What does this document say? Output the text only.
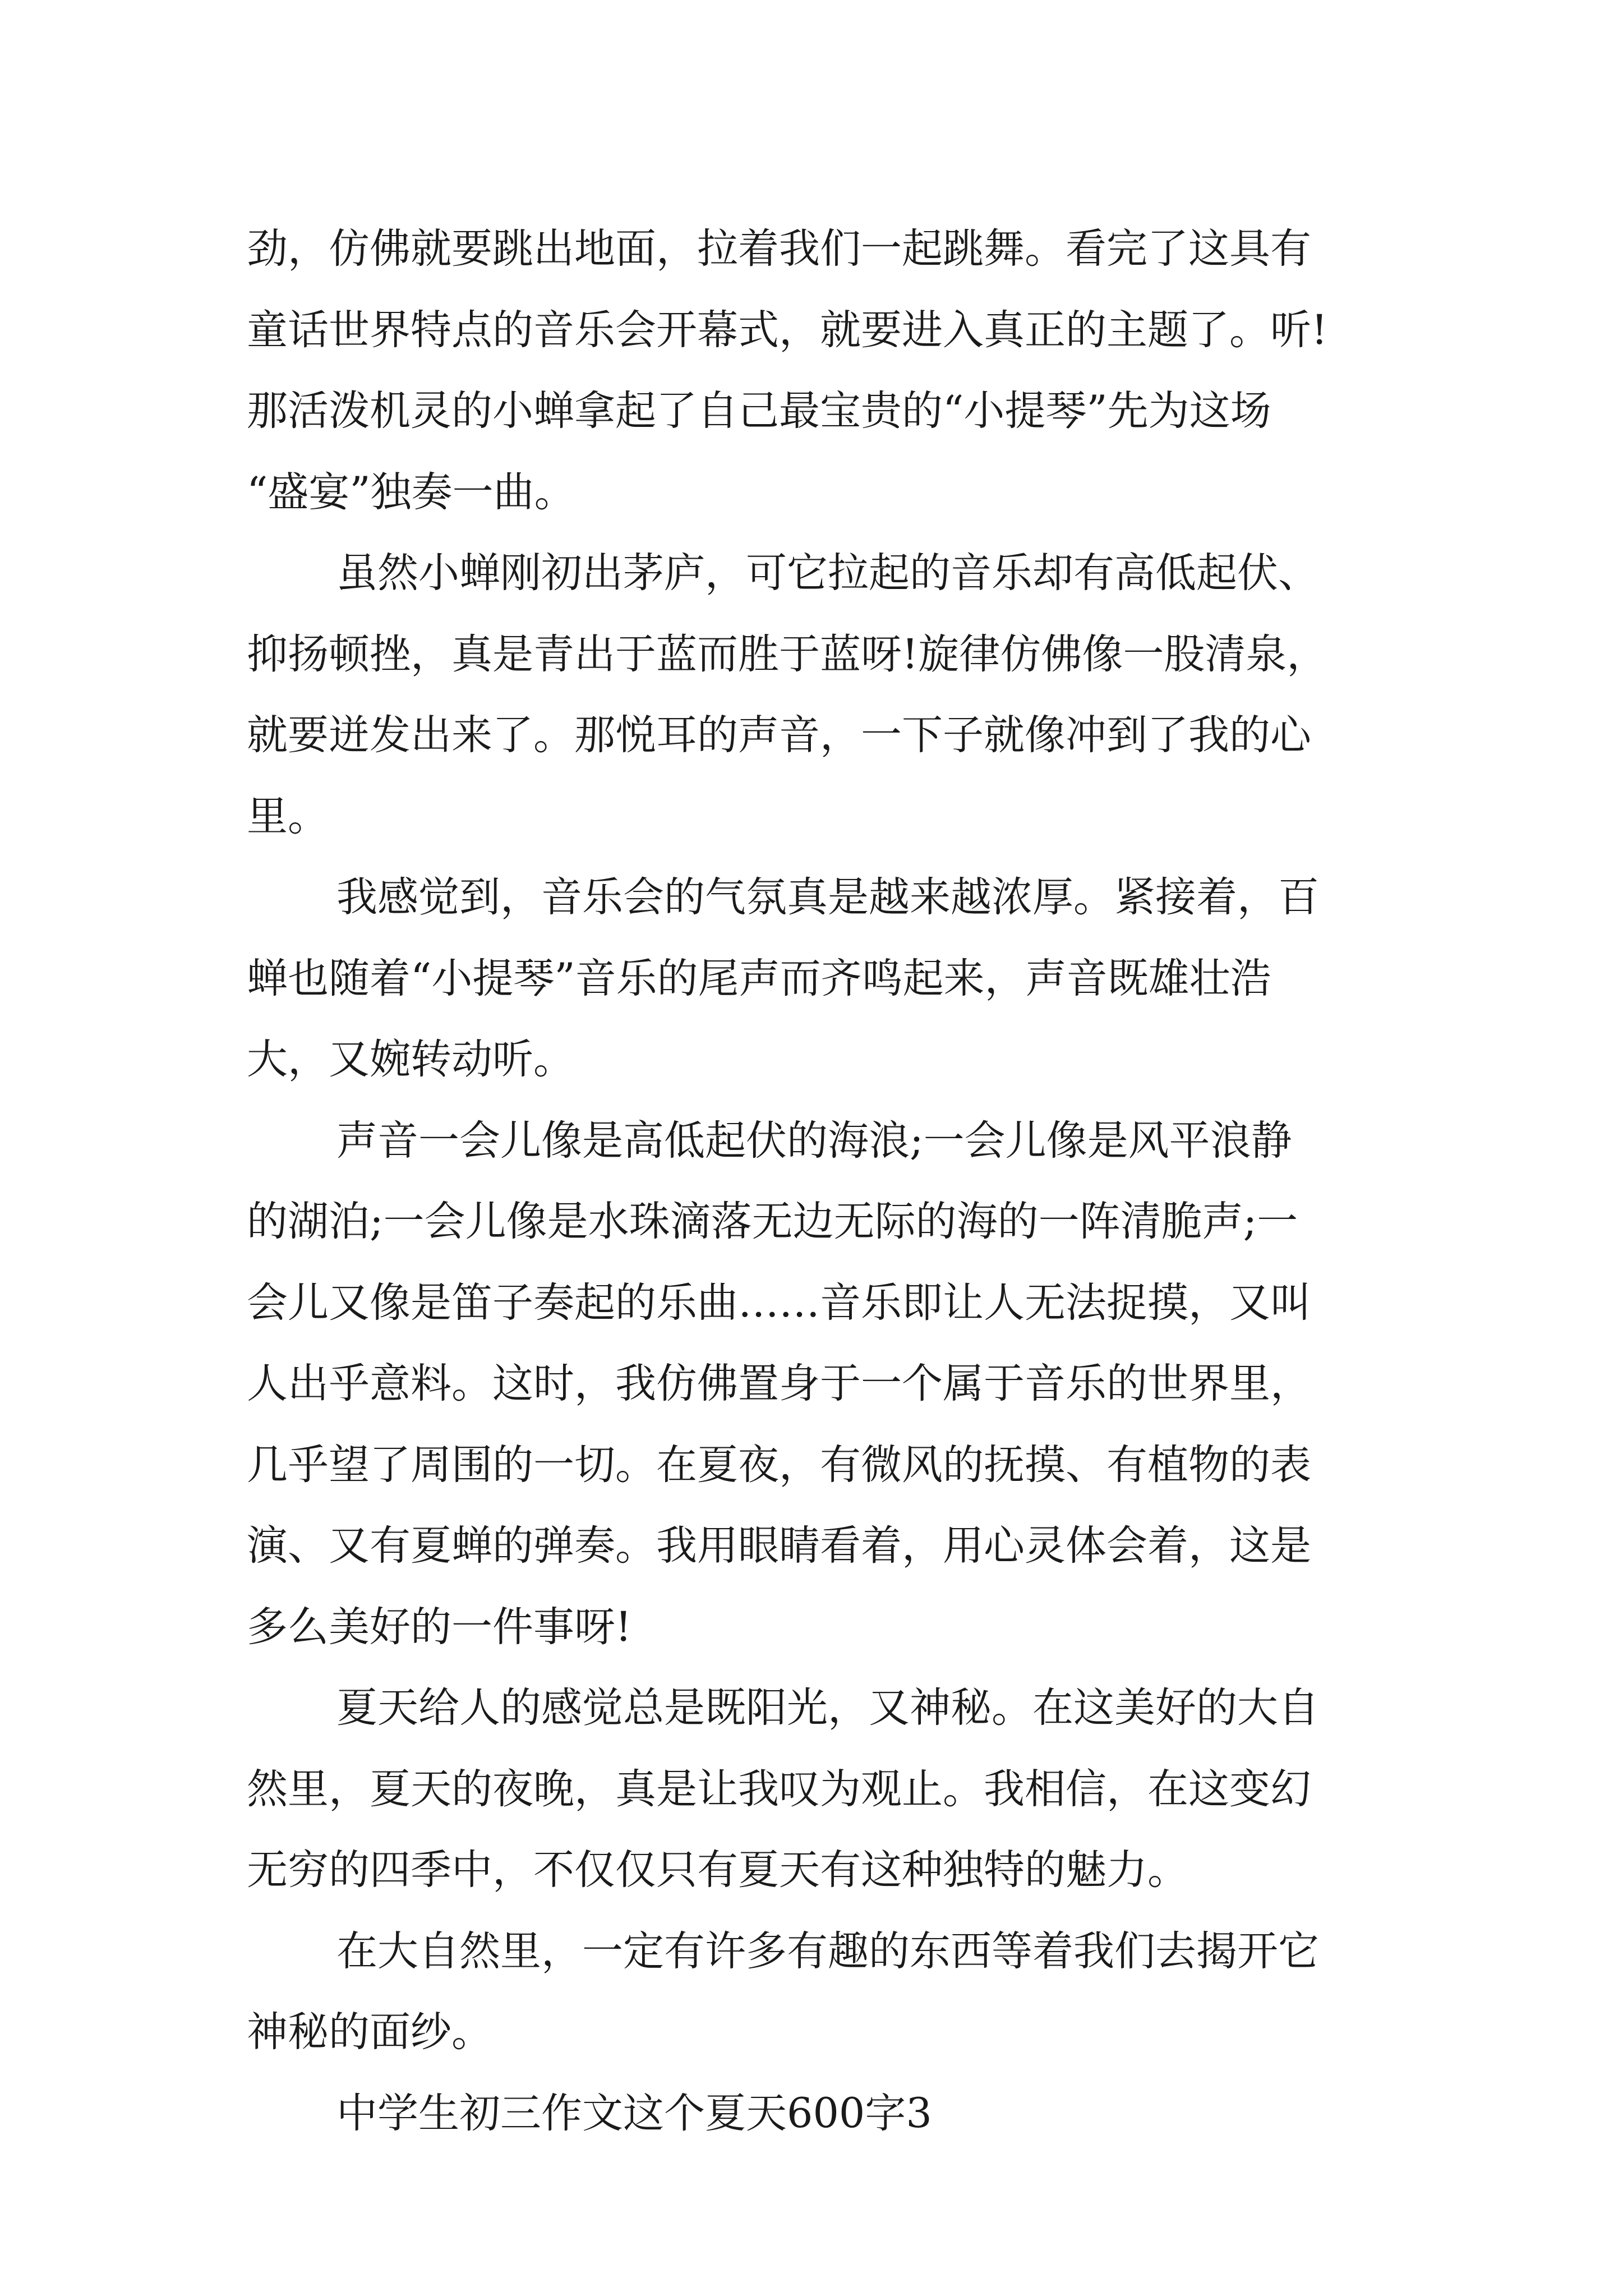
劲，仿佛就要跳出地面，拉着我们一起跳舞。看完了这具有
童话世界特点的音乐会开幕式，就要进入真正的主题了。听!
那活泼机灵的小蝉拿起了自己最宝贵的“小提琴”先为这场
“盛宴”独奏一曲。
虽然小蝉刚初出茅庐，可它拉起的音乐却有高低起伏、
抑扬顿挫，真是青出于蓝而胜于蓝呀!旋律仿佛像一股清泉，
就要迸发出来了。那悦耳的声音，一下子就像冲到了我的心
里。
我感觉到，音乐会的气氛真是越来越浓厚。紧接着，百
蝉也随着“小提琴”音乐的尾声而齐鸣起来，声音既雄壮浩
大，又婉转动听。
声音一会儿像是高低起伏的海浪;一会儿像是风平浪静
的湖泊;一会儿像是水珠滴落无边无际的海的一阵清脆声;一
会儿又像是笛子奏起的乐曲……音乐即让人无法捉摸，又叫
人出乎意料。这时，我仿佛置身于一个属于音乐的世界里，
几乎望了周围的一切。在夏夜，有微风的抚摸、有植物的表
演、又有夏蝉的弹奏。我用眼睛看着，用心灵体会着，这是
多么美好的一件事呀!
夏天给人的感觉总是既阳光，又神秘。在这美好的大自
然里，夏天的夜晚，真是让我叹为观止。我相信，在这变幻
无穷的四季中，不仅仅只有夏天有这种独特的魅力。
在大自然里，一定有许多有趣的东西等着我们去揭开它
神秘的面纱。
中学生初三作文这个夏天600字3
